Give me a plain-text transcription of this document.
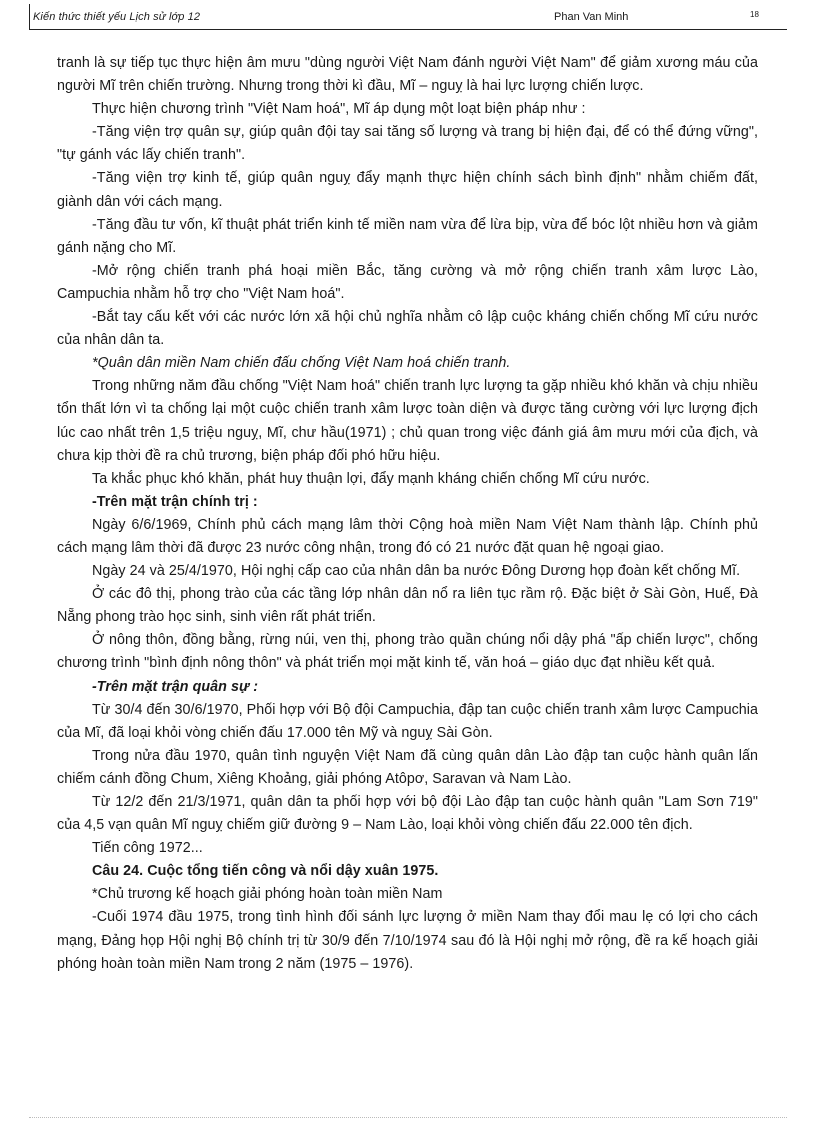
Kiến thức thiết yếu Lịch sử lớp 12	Phan Van Minh	18

tranh là sự tiếp tục thực hiện âm mưu "dùng người Việt Nam đánh người Việt Nam" để giảm xương máu của người Mĩ trên chiến trường. Nhưng trong thời kì đầu, Mĩ – nguỵ là hai lực lượng chiến lược.

Thực hiện chương trình "Việt Nam hoá", Mĩ áp dụng một loạt biện pháp như :

-Tăng viện trợ quân sự, giúp quân đội tay sai tăng số lượng và trang bị hiện đại, để có thể đứng vững", "tự gánh vác lấy chiến tranh".

-Tăng viện trợ kinh tế, giúp quân nguỵ đẩy mạnh thực hiện chính sách bình định" nhằm chiếm đất, giành dân với cách mạng.

-Tăng đầu tư vốn, kĩ thuật phát triển kinh tế miền nam vừa để lừa bịp, vừa để bóc lột nhiều hơn và giảm gánh nặng cho Mĩ.

-Mở rộng chiến tranh phá hoại miền Bắc, tăng cường và mở rộng chiến tranh xâm lược Lào, Campuchia nhằm hỗ trợ cho "Việt Nam hoá".

-Bắt tay cấu kết với các nước lớn xã hội chủ nghĩa nhằm cô lập cuộc kháng chiến chống Mĩ cứu nước của nhân dân ta.

*Quân dân miền Nam chiến đấu chống Việt Nam hoá chiến tranh.

Trong những năm đầu chống "Việt Nam hoá" chiến tranh lực lượng ta gặp nhiều khó khăn và chịu nhiều tổn thất lớn vì ta chống lại một cuộc chiến tranh xâm lược toàn diện và được tăng cường với lực lượng địch lúc cao nhất trên 1,5 triệu nguỵ, Mĩ, chư hầu(1971) ; chủ quan trong việc đánh giá âm mưu mới của địch, và chưa kịp thời đề ra chủ trương, biện pháp đối phó hữu hiệu.

Ta khắc phục khó khăn, phát huy thuận lợi, đẩy mạnh kháng chiến chống Mĩ cứu nước.

-Trên mặt trận chính trị :

Ngày 6/6/1969, Chính phủ cách mạng lâm thời Cộng hoà miền Nam Việt Nam thành lập. Chính phủ cách mạng lâm thời đã được 23 nước công nhận, trong đó có 21 nước đặt quan hệ ngoại giao.

Ngày 24 và 25/4/1970, Hội nghị cấp cao của nhân dân ba nước Đông Dương họp đoàn kết chống Mĩ.

Ở các đô thị, phong trào của các tầng lớp nhân dân nổ ra liên tục rầm rộ. Đặc biệt ở Sài Gòn, Huế, Đà Nẵng phong trào học sinh, sinh viên rất phát triển.

Ở nông thôn, đồng bằng, rừng núi, ven thị, phong trào quần chúng nổi dậy phá "ấp chiến lược", chống chương trình "bình định nông thôn" và phát triển mọi mặt kinh tế, văn hoá – giáo dục đạt nhiều kết quả.

-Trên mặt trận quân sự :

Từ 30/4 đến 30/6/1970, Phối hợp với Bộ đội Campuchia, đập tan cuộc chiến tranh xâm lược Campuchia của Mĩ, đã loại khỏi vòng chiến đấu 17.000 tên Mỹ và nguỵ Sài Gòn.

Trong nửa đầu 1970, quân tình nguyện Việt Nam đã cùng quân dân Lào đập tan cuộc hành quân lấn chiếm cánh đồng Chum, Xiêng Khoảng, giải phóng Atôpơ, Saravan và Nam Lào.

Từ 12/2 đến 21/3/1971, quân dân ta phối hợp với bộ đội Lào đập tan cuộc hành quân "Lam Sơn 719" của 4,5 vạn quân Mĩ nguỵ chiếm giữ đường 9 – Nam Lào, loại khỏi vòng chiến đấu 22.000 tên địch.

Tiến công 1972...

Câu 24. Cuộc tổng tiến công và nổi dậy xuân 1975.

*Chủ trương kế hoạch giải phóng hoàn toàn miền Nam

-Cuối 1974 đầu 1975, trong tình hình đối sánh lực lượng ở miền Nam thay đổi mau lẹ có lợi cho cách mạng, Đảng họp Hội nghị Bộ chính trị từ 30/9 đến 7/10/1974 sau đó là Hội nghị mở rộng, đề ra kế hoạch giải phóng hoàn toàn miền Nam trong 2 năm (1975 – 1976).
